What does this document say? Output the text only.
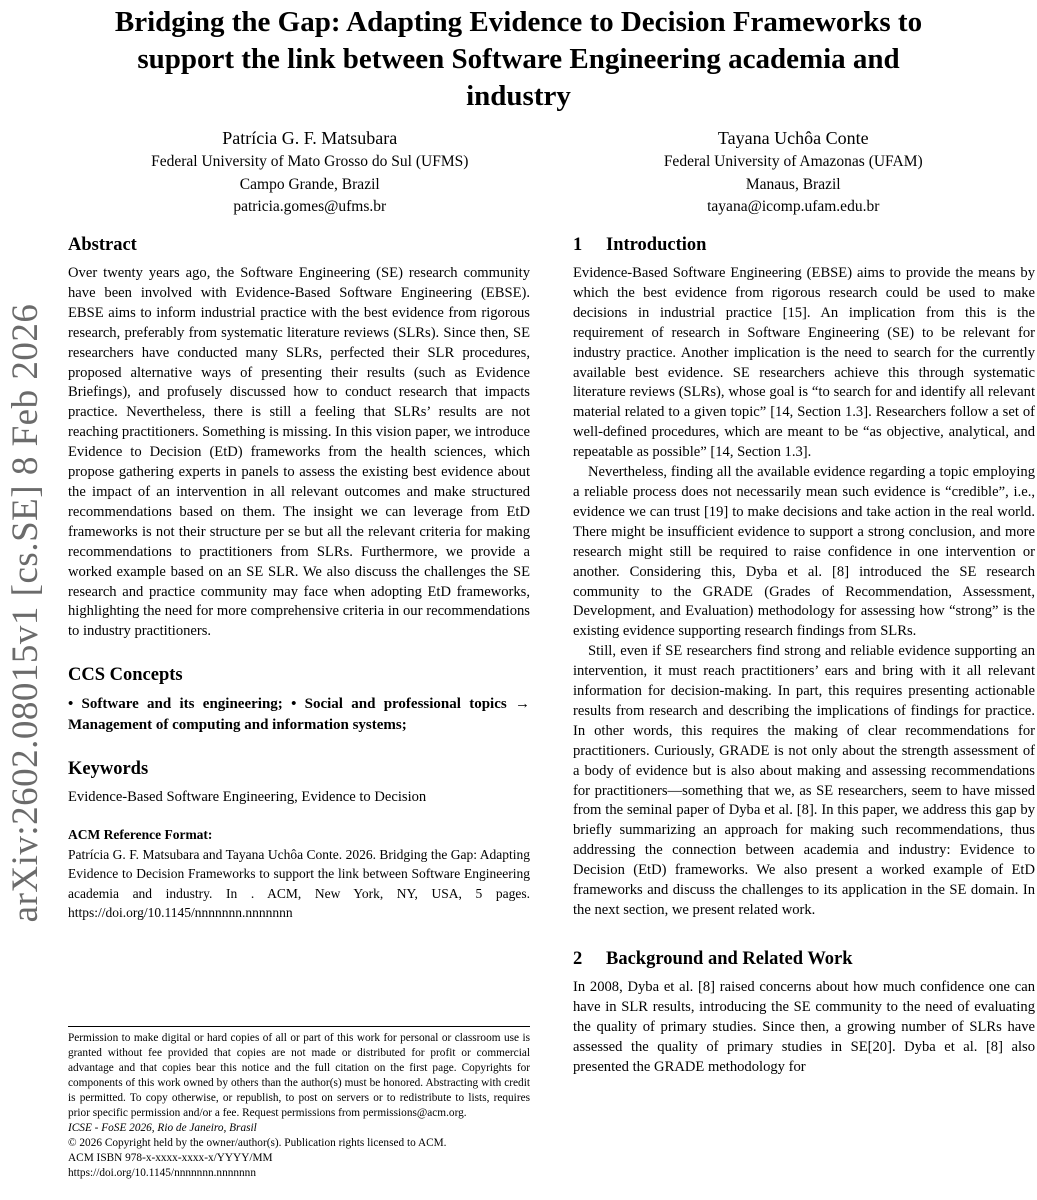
arXiv:2602.08015v1 [cs.SE] 8 Feb 2026
Bridging the Gap: Adapting Evidence to Decision Frameworks to
support the link between Software Engineering academia and
industry
Patrícia G. F. Matsubara
Federal University of Mato Grosso do Sul (UFMS)
Campo Grande, Brazil
patricia.gomes@ufms.br
Tayana Uchôa Conte
Federal University of Amazonas (UFAM)
Manaus, Brazil
tayana@icomp.ufam.edu.br
Abstract

Over twenty years ago, the Software Engineering (SE) research community have been involved with Evidence-Based Software Engineering (EBSE). EBSE aims to inform industrial practice with the best evidence from rigorous research, preferably from systematic literature reviews (SLRs). Since then, SE researchers have conducted many SLRs, perfected their SLR procedures, proposed alternative ways of presenting their results (such as Evidence Briefings), and profusely discussed how to conduct research that impacts practice. Nevertheless, there is still a feeling that SLRs’ results are not reaching practitioners. Something is missing. In this vision paper, we introduce Evidence to Decision (EtD) frameworks from the health sciences, which propose gathering experts in panels to assess the existing best evidence about the impact of an intervention in all relevant outcomes and make structured recommendations based on them. The insight we can leverage from EtD frameworks is not their structure per se but all the relevant criteria for making recommendations to practitioners from SLRs. Furthermore, we provide a worked example based on an SE SLR. We also discuss the challenges the SE research and practice community may face when adopting EtD frameworks, highlighting the need for more comprehensive criteria in our recommendations to industry practitioners.

CCS Concepts

• Software and its engineering; • Social and professional topics → Management of computing and information systems;

Keywords

Evidence-Based Software Engineering, Evidence to Decision

ACM Reference Format:
Patrícia G. F. Matsubara and Tayana Uchôa Conte. 2026. Bridging the Gap: Adapting Evidence to Decision Frameworks to support the link between Software Engineering academia and industry. In . ACM, New York, NY, USA, 5 pages. https://doi.org/10.1145/nnnnnnn.nnnnnnn

Permission to make digital or hard copies of all or part of this work for personal or classroom use is granted without fee provided that copies are not made or distributed for profit or commercial advantage and that copies bear this notice and the full citation on the first page. Copyrights for components of this work owned by others than the author(s) must be honored. Abstracting with credit is permitted. To copy otherwise, or republish, to post on servers or to redistribute to lists, requires prior specific permission and/or a fee. Request permissions from permissions@acm.org.

ICSE - FoSE 2026, Rio de Janeiro, Brasil

© 2026 Copyright held by the owner/author(s). Publication rights licensed to ACM.

ACM ISBN 978-x-xxxx-xxxx-x/YYYY/MM

https://doi.org/10.1145/nnnnnnn.nnnnnnn

1 Introduction

Evidence-Based Software Engineering (EBSE) aims to provide the means by which the best evidence from rigorous research could be used to make decisions in industrial practice [15]. An implication from this is the requirement of research in Software Engineering (SE) to be relevant for industry practice. Another implication is the need to search for the currently available best evidence. SE researchers achieve this through systematic literature reviews (SLRs), whose goal is “to search for and identify all relevant material related to a given topic” [14, Section 1.3]. Researchers follow a set of well-defined procedures, which are meant to be “as objective, analytical, and repeatable as possible” [14, Section 1.3].

Nevertheless, finding all the available evidence regarding a topic employing a reliable process does not necessarily mean such evidence is “credible”, i.e., evidence we can trust [19] to make decisions and take action in the real world. There might be insufficient evidence to support a strong conclusion, and more research might still be required to raise confidence in one intervention or another. Considering this, Dyba et al. [8] introduced the SE research community to the GRADE (Grades of Recommendation, Assessment, Development, and Evaluation) methodology for assessing how “strong” is the existing evidence supporting research findings from SLRs.

Still, even if SE researchers find strong and reliable evidence supporting an intervention, it must reach practitioners’ ears and bring with it all relevant information for decision-making. In part, this requires presenting actionable results from research and describing the implications of findings for practice. In other words, this requires the making of clear recommendations for practitioners. Curiously, GRADE is not only about the strength assessment of a body of evidence but is also about making and assessing recommendations for practitioners—something that we, as SE researchers, seem to have missed from the seminal paper of Dyba et al. [8]. In this paper, we address this gap by briefly summarizing an approach for making such recommendations, thus addressing the connection between academia and industry: Evidence to Decision (EtD) frameworks. We also present a worked example of EtD frameworks and discuss the challenges to its application in the SE domain. In the next section, we present related work.

2 Background and Related Work

In 2008, Dyba et al. [8] raised concerns about how much confidence one can have in SLR results, introducing the SE community to the need of evaluating the quality of primary studies. Since then, a growing number of SLRs have assessed the quality of primary studies in SE[20]. Dyba et al. [8] also presented the GRADE methodology for
